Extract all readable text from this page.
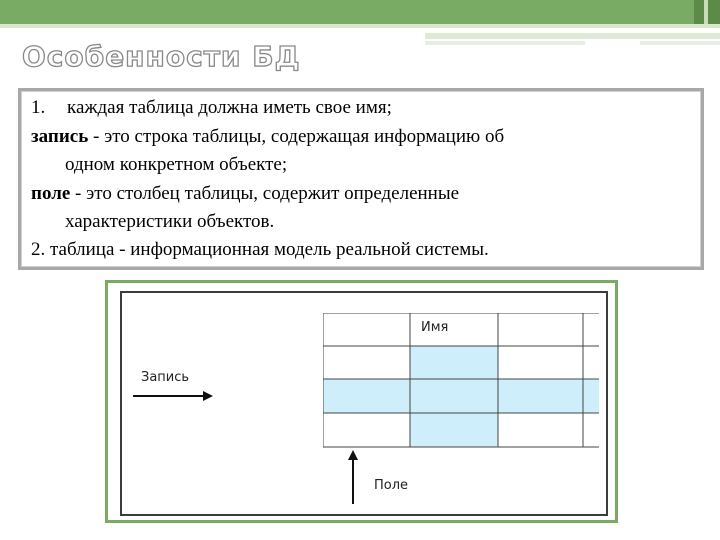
Особенности БД
1. каждая таблица должна иметь свое имя;
запись - это строка таблицы, содержащая информацию об
одном конкретном объекте;
поле - это столбец таблицы, содержит определенные
характеристики объектов.
2. таблица - информационная модель реальной системы.
Имя
Запись
Поле
